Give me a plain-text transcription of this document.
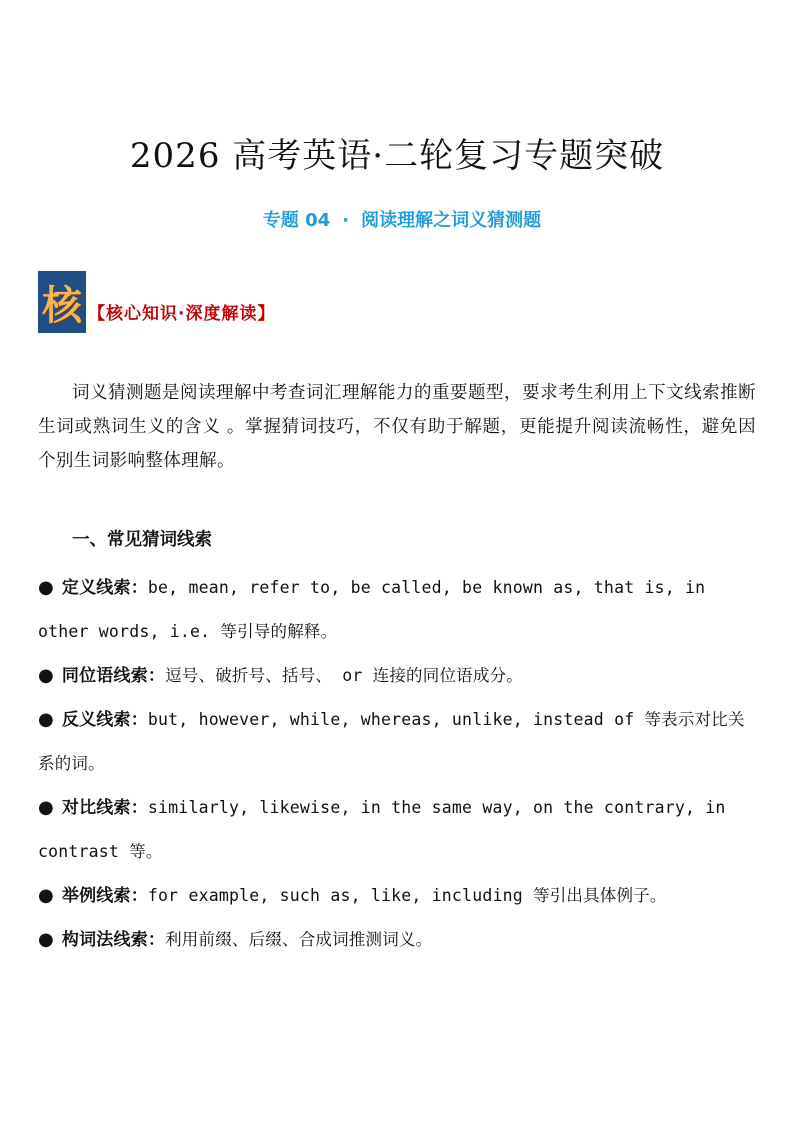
2026 高考英语·二轮复习专题突破
专题 04 · 阅读理解之词义猜测题
核 【核心知识·深度解读】

词义猜测题是阅读理解中考查词汇理解能力的重要题型，要求考生利用上下文线索推断生词或熟词生义的含义 。掌握猜词技巧，不仅有助于解题，更能提升阅读流畅性，避免因个别生词影响整体理解。

一、常见猜词线索
● 定义线索：be, mean, refer to, be called, be known as, that is, in other words, i.e. 等引导的解释。
● 同位语线索：逗号、破折号、括号、 or 连接的同位语成分。
● 反义线索：but, however, while, whereas, unlike, instead of 等表示对比关系的词。
● 对比线索：similarly, likewise, in the same way, on the contrary, in contrast 等。
● 举例线索：for example, such as, like, including 等引出具体例子。
● 构词法线索：利用前缀、后缀、合成词推测词义。
